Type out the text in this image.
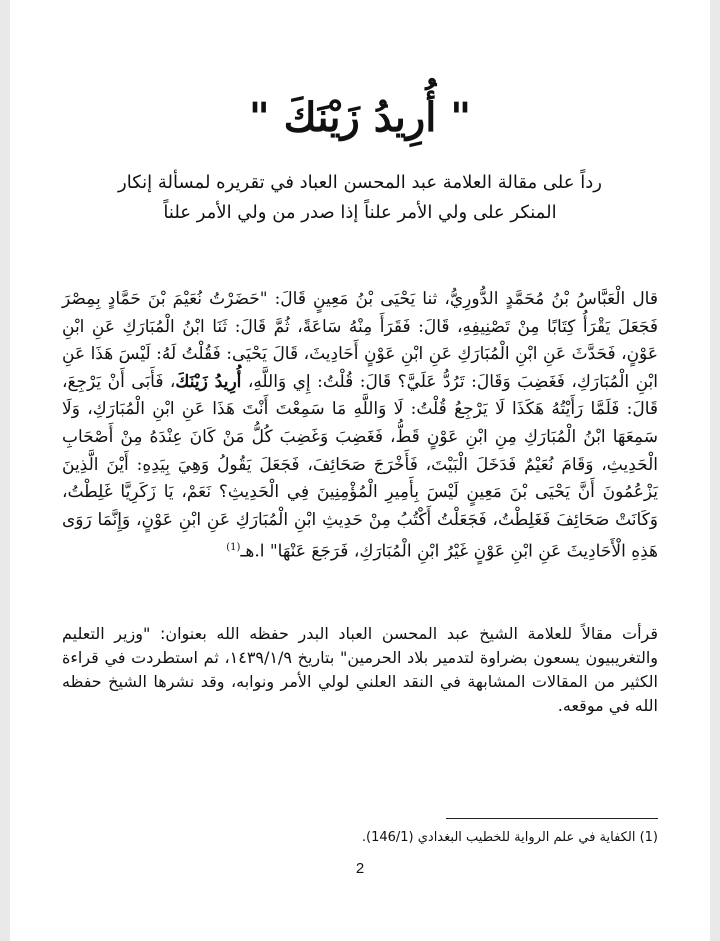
" أُرِيدُ زَيْنَكَ "
رداً على مقالة العلامة عبد المحسن العباد في تقريره لمسألة إنكار المنكر على ولي الأمر علناً إذا صدر من ولي الأمر علناً
قال الْعَبَّاسُ بْنُ مُحَمَّدٍ الدُّورِيُّ، ثنا يَحْيَى بْنُ مَعِينٍ قَالَ: "حَضَرْتُ نُعَيْمَ بْنَ حَمَّادٍ بِمِصْرَ فَجَعَلَ يَقْرَأُ كِتَابًا مِنْ تَصْنِيفِهِ، قَالَ: فَقَرَأَ مِنْهُ سَاعَةً، ثُمَّ قَالَ: ثَنَا ابْنُ الْمُبَارَكِ عَنِ ابْنِ عَوْنٍ، فَحَدَّثَ عَنِ ابْنِ الْمُبَارَكِ عَنِ ابْنِ عَوْنٍ أَحَادِيثَ، قَالَ يَحْيَى: فَقُلْتُ لَهُ: لَيْسَ هَذَا عَنِ ابْنِ الْمُبَارَكِ، فَغَضِبَ وَقَالَ: تَرُدُّ عَلَيَّ؟ قَالَ: قُلْتُ: إِي وَاللَّهِ، أُرِيدُ زَيْنَكَ، فَأَبَى أَنْ يَرْجِعَ، قَالَ: فَلَمَّا رَأَيْتُهُ هَكَذَا لَا يَرْجِعُ قُلْتُ: لَا وَاللَّهِ مَا سَمِعْتَ أَنْتَ هَذَا عَنِ ابْنِ الْمُبَارَكِ، وَلَا سَمِعَهَا ابْنُ الْمُبَارَكِ مِنِ ابْنِ عَوْنٍ قَطُّ، فَغَضِبَ وَغَضِبَ كُلُّ مَنْ كَانَ عِنْدَهُ مِنْ أَصْحَابِ الْحَدِيثِ، وَقَامَ نُعَيْمٌ فَدَخَلَ الْبَيْتَ، فَأَخْرَجَ صَحَائِفَ، فَجَعَلَ يَقُولُ وَهِيَ بِيَدِهِ: أَيْنَ الَّذِينَ يَزْعُمُونَ أَنَّ يَحْيَى بْنَ مَعِينٍ لَيْسَ بِأَمِيرِ الْمُؤْمِنِينَ فِي الْحَدِيثِ؟ نَعَمْ، يَا زَكَرِيَّا غَلِطْتُ، وَكَانَتْ صَحَائِفَ فَغَلِطْتُ، فَجَعَلْتُ أَكْتُبُ مِنْ حَدِيثِ ابْنِ الْمُبَارَكِ عَنِ ابْنِ عَوْنٍ، وَإِنَّمَا رَوَى هَذِهِ الْأَحَادِيثَ عَنِ ابْنِ عَوْنٍ غَيْرُ ابْنِ الْمُبَارَكِ، فَرَجَعَ عَنْهَا" ا.هـ$^{(1)}$
قرأت مقالاً للعلامة الشيخ عبد المحسن العباد البدر حفظه الله بعنوان: "وزير التعليم والتغريبيون يسعون بضراوة لتدمير بلاد الحرمين" بتاريخ ١٤٣٩/١/٩، ثم استطردت في قراءة الكثير من المقالات المشابهة في النقد العلني لولي الأمر ونوابه، وقد نشرها الشيخ حفظه الله في موقعه.
(1) الكفاية في علم الرواية للخطيب البغدادي (146/1).
2
